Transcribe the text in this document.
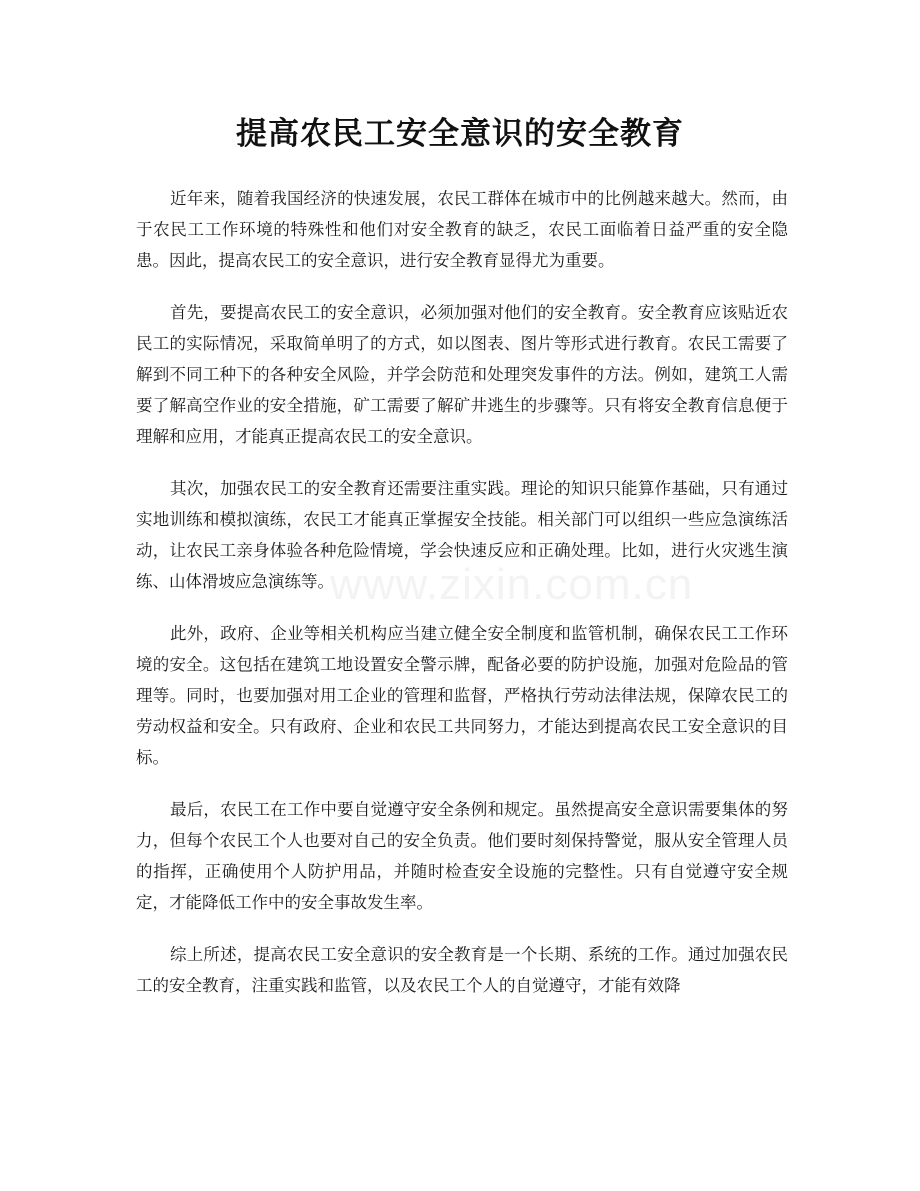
提高农民工安全意识的安全教育

近年来，随着我国经济的快速发展，农民工群体在城市中的比例越来越大。然而，由于农民工工作环境的特殊性和他们对安全教育的缺乏，农民工面临着日益严重的安全隐患。因此，提高农民工的安全意识，进行安全教育显得尤为重要。

首先，要提高农民工的安全意识，必须加强对他们的安全教育。安全教育应该贴近农民工的实际情况，采取简单明了的方式，如以图表、图片等形式进行教育。农民工需要了解到不同工种下的各种安全风险，并学会防范和处理突发事件的方法。例如，建筑工人需要了解高空作业的安全措施，矿工需要了解矿井逃生的步骤等。只有将安全教育信息便于理解和应用，才能真正提高农民工的安全意识。

其次，加强农民工的安全教育还需要注重实践。理论的知识只能算作基础，只有通过实地训练和模拟演练，农民工才能真正掌握安全技能。相关部门可以组织一些应急演练活动，让农民工亲身体验各种危险情境，学会快速反应和正确处理。比如，进行火灾逃生演练、山体滑坡应急演练等。

此外，政府、企业等相关机构应当建立健全安全制度和监管机制，确保农民工工作环境的安全。这包括在建筑工地设置安全警示牌，配备必要的防护设施，加强对危险品的管理等。同时，也要加强对用工企业的管理和监督，严格执行劳动法律法规，保障农民工的劳动权益和安全。只有政府、企业和农民工共同努力，才能达到提高农民工安全意识的目标。

最后，农民工在工作中要自觉遵守安全条例和规定。虽然提高安全意识需要集体的努力，但每个农民工个人也要对自己的安全负责。他们要时刻保持警觉，服从安全管理人员的指挥，正确使用个人防护用品，并随时检查安全设施的完整性。只有自觉遵守安全规定，才能降低工作中的安全事故发生率。

综上所述，提高农民工安全意识的安全教育是一个长期、系统的工作。通过加强农民工的安全教育，注重实践和监管，以及农民工个人的自觉遵守，才能有效降

www.zixin.com.cn
